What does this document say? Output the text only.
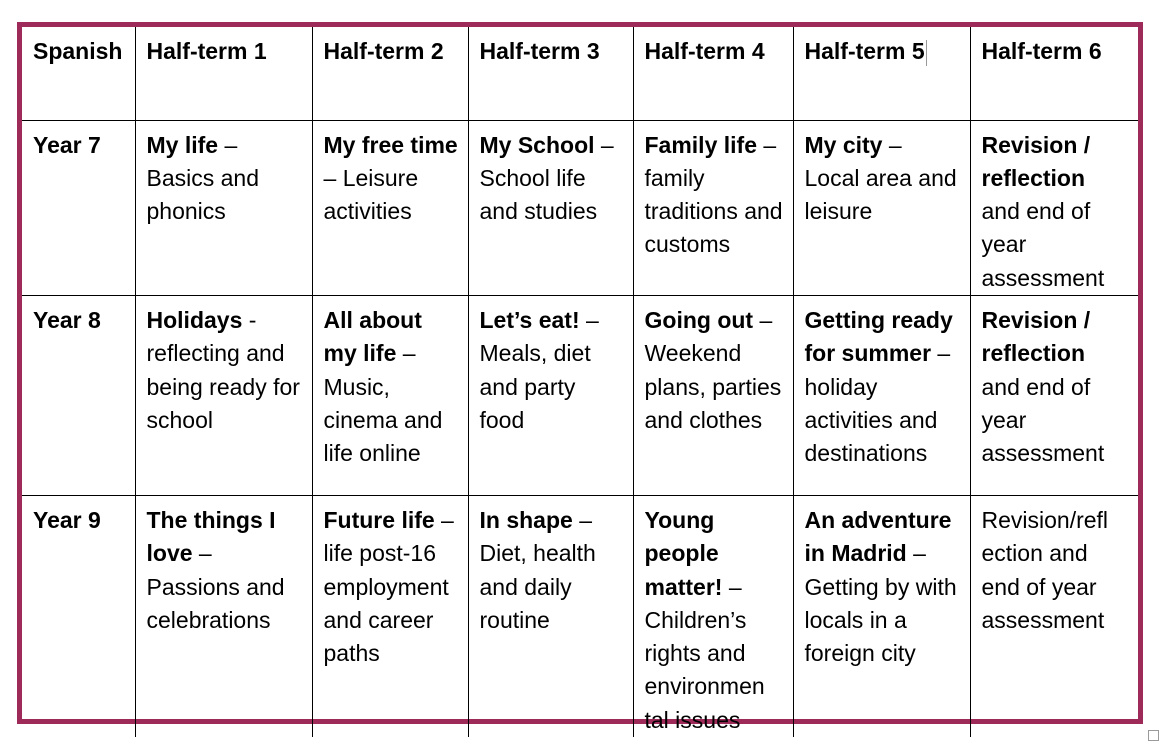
Spanish	Half-term 1	Half-term 2	Half-term 3	Half-term 4	Half-term 5	Half-term 6
Year 7	My life – Basics and phonics	My free time – Leisure activities	My School – School life and studies	Family life – family traditions and customs	My city – Local area and leisure	Revision / reflection and end of year assessment
Year 8	Holidays - reflecting and being ready for school	All about my life – Music, cinema and life online	Let’s eat! – Meals, diet and party food	Going out – Weekend plans, parties and clothes	Getting ready for summer – holiday activities and destinations	Revision / reflection and end of year assessment
Year 9	The things I love – Passions and celebrations	Future life – life post-16 employment and career paths	In shape – Diet, health and daily routine	Young people matter! – Children’s rights and environmen tal issues	An adventure in Madrid – Getting by with locals in a foreign city	Revision/refl ection and end of year assessment
